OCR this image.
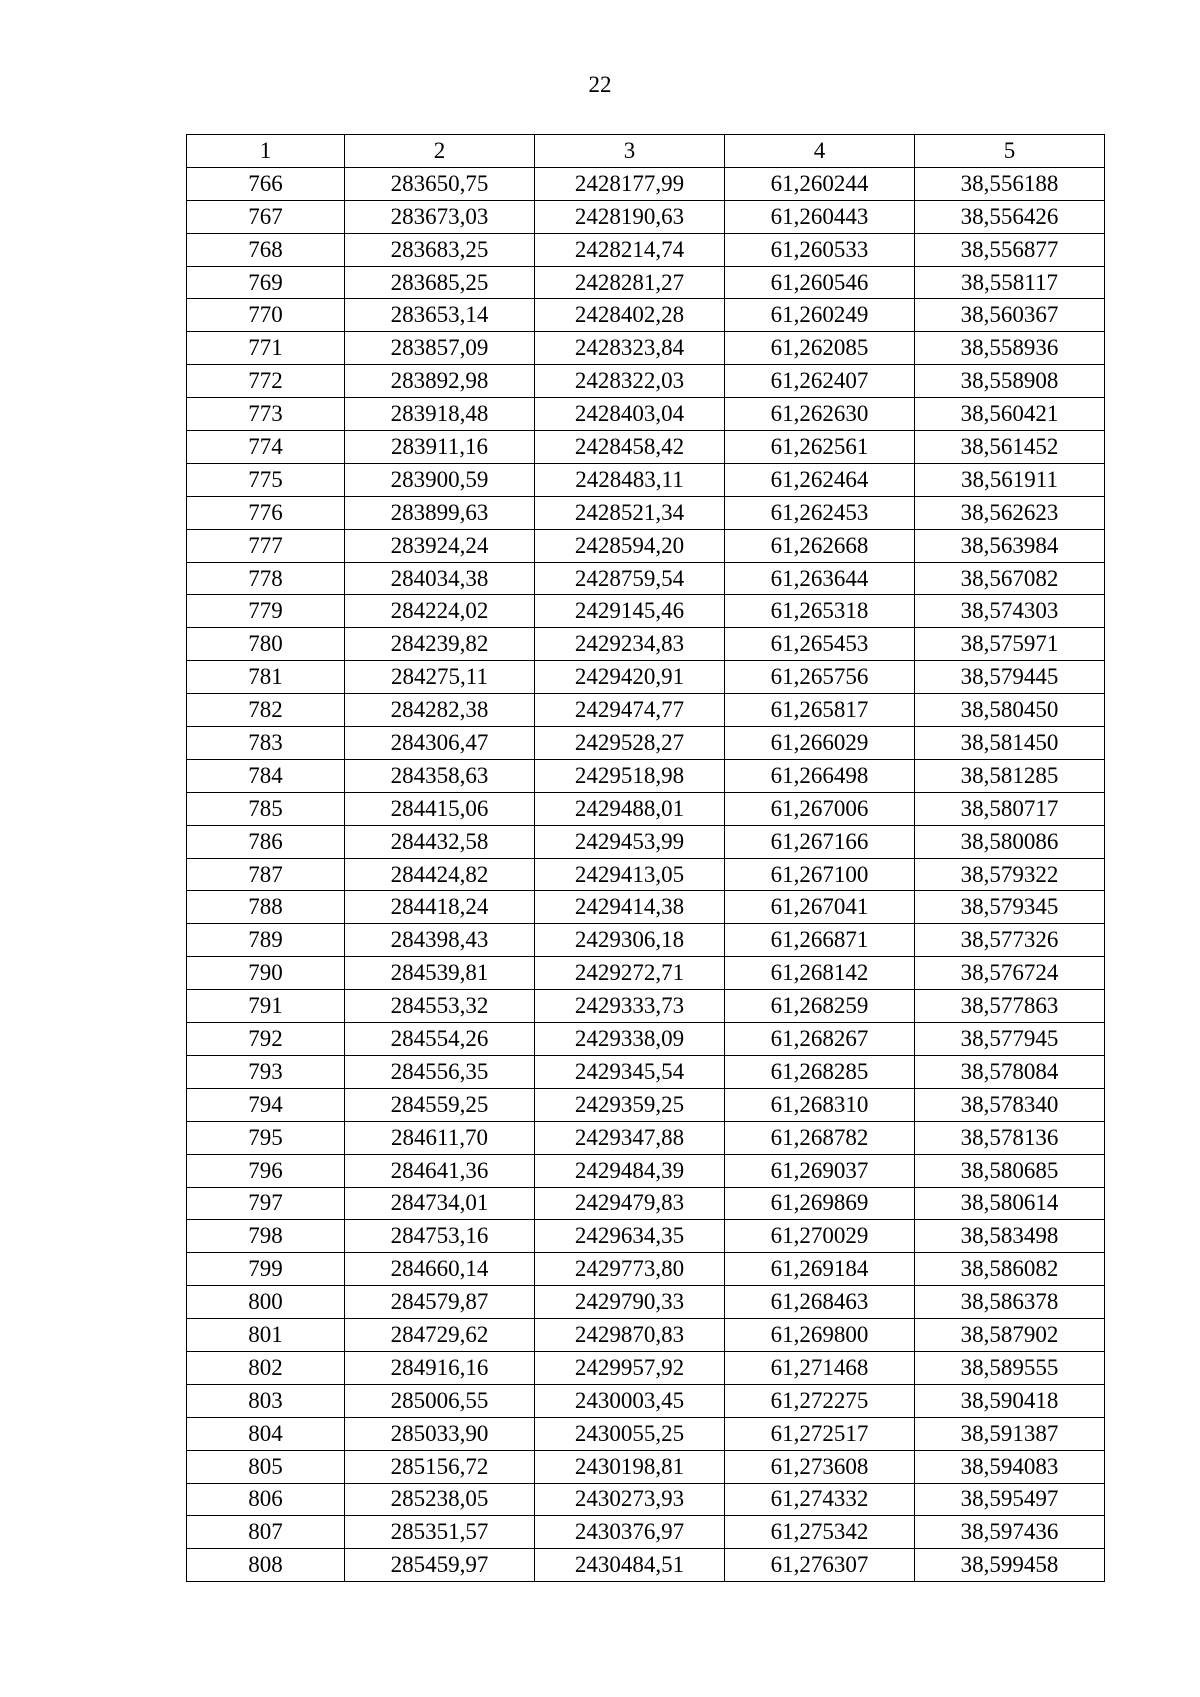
22
1	2	3	4	5
766	283650,75	2428177,99	61,260244	38,556188
767	283673,03	2428190,63	61,260443	38,556426
768	283683,25	2428214,74	61,260533	38,556877
769	283685,25	2428281,27	61,260546	38,558117
770	283653,14	2428402,28	61,260249	38,560367
771	283857,09	2428323,84	61,262085	38,558936
772	283892,98	2428322,03	61,262407	38,558908
773	283918,48	2428403,04	61,262630	38,560421
774	283911,16	2428458,42	61,262561	38,561452
775	283900,59	2428483,11	61,262464	38,561911
776	283899,63	2428521,34	61,262453	38,562623
777	283924,24	2428594,20	61,262668	38,563984
778	284034,38	2428759,54	61,263644	38,567082
779	284224,02	2429145,46	61,265318	38,574303
780	284239,82	2429234,83	61,265453	38,575971
781	284275,11	2429420,91	61,265756	38,579445
782	284282,38	2429474,77	61,265817	38,580450
783	284306,47	2429528,27	61,266029	38,581450
784	284358,63	2429518,98	61,266498	38,581285
785	284415,06	2429488,01	61,267006	38,580717
786	284432,58	2429453,99	61,267166	38,580086
787	284424,82	2429413,05	61,267100	38,579322
788	284418,24	2429414,38	61,267041	38,579345
789	284398,43	2429306,18	61,266871	38,577326
790	284539,81	2429272,71	61,268142	38,576724
791	284553,32	2429333,73	61,268259	38,577863
792	284554,26	2429338,09	61,268267	38,577945
793	284556,35	2429345,54	61,268285	38,578084
794	284559,25	2429359,25	61,268310	38,578340
795	284611,70	2429347,88	61,268782	38,578136
796	284641,36	2429484,39	61,269037	38,580685
797	284734,01	2429479,83	61,269869	38,580614
798	284753,16	2429634,35	61,270029	38,583498
799	284660,14	2429773,80	61,269184	38,586082
800	284579,87	2429790,33	61,268463	38,586378
801	284729,62	2429870,83	61,269800	38,587902
802	284916,16	2429957,92	61,271468	38,589555
803	285006,55	2430003,45	61,272275	38,590418
804	285033,90	2430055,25	61,272517	38,591387
805	285156,72	2430198,81	61,273608	38,594083
806	285238,05	2430273,93	61,274332	38,595497
807	285351,57	2430376,97	61,275342	38,597436
808	285459,97	2430484,51	61,276307	38,599458
